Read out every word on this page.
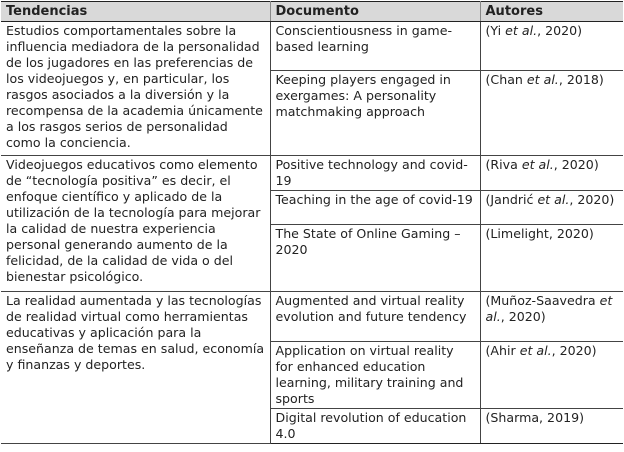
Tendencias	Documento	Autores
Estudios comportamentales sobre la influencia mediadora de la personalidad de los jugadores en las preferencias de los videojuegos y, en particular, los rasgos asociados a la diversión y la recompensa de la academia únicamente a los rasgos serios de personalidad como la conciencia.	Conscientiousness in game-based learning	(Yi et al., 2020)
	Keeping players engaged in exergames: A personality matchmaking approach	(Chan et al., 2018)
Videojuegos educativos como elemento de “tecnología positiva” es decir, el enfoque científico y aplicado de la utilización de la tecnología para mejorar la calidad de nuestra experiencia personal generando aumento de la felicidad, de la calidad de vida o del bienestar psicológico.	Positive technology and covid-19	(Riva et al., 2020)
	Teaching in the age of covid-19	(Jandrić et al., 2020)
	The State of Online Gaming – 2020	(Limelight, 2020)
La realidad aumentada y las tecnologías de realidad virtual como herramientas educativas y aplicación para la enseñanza de temas en salud, economía y finanzas y deportes.	Augmented and virtual reality evolution and future tendency	(Muñoz-Saavedra et al., 2020)
	Application on virtual reality for enhanced education learning, military training and sports	(Ahir et al., 2020)
	Digital revolution of education 4.0	(Sharma, 2019)
